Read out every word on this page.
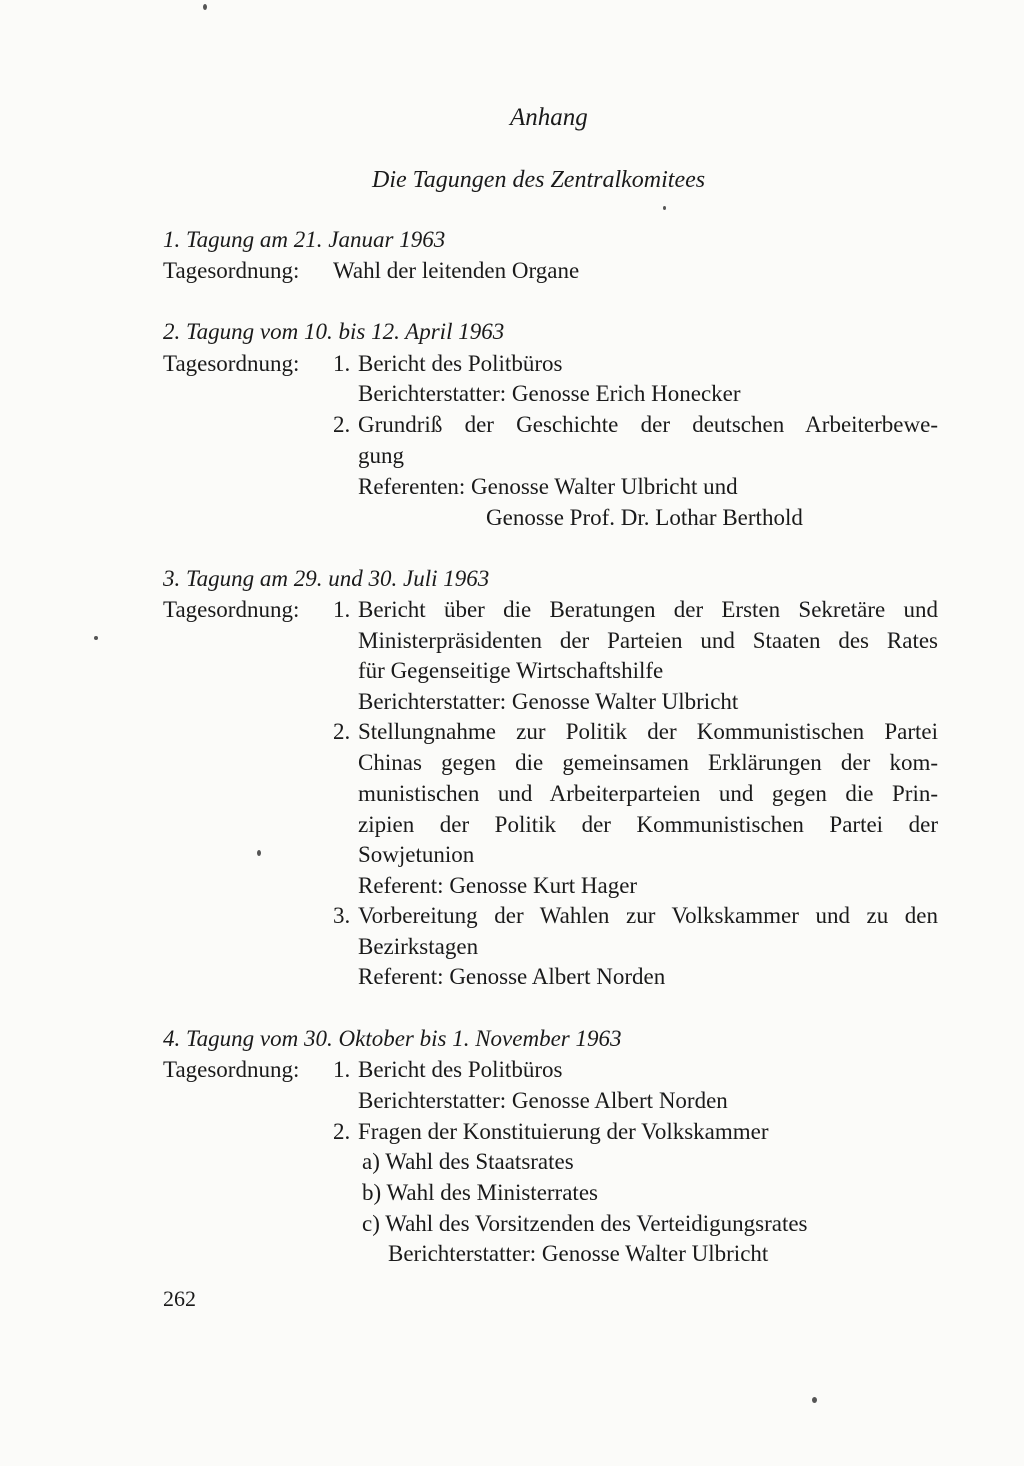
Anhang
Die Tagungen des Zentralkomitees
1. Tagung am 21. Januar 1963
Tagesordnung: Wahl der leitenden Organe
2. Tagung vom 10. bis 12. April 1963
Tagesordnung: 1. Bericht des Politbüros
Berichterstatter: Genosse Erich Honecker
2. Grundriß der Geschichte der deutschen Arbeiterbewe-
gung
Referenten: Genosse Walter Ulbricht und
Genosse Prof. Dr. Lothar Berthold
3. Tagung am 29. und 30. Juli 1963
Tagesordnung: 1. Bericht über die Beratungen der Ersten Sekretäre und
Ministerpräsidenten der Parteien und Staaten des Rates
für Gegenseitige Wirtschaftshilfe
Berichterstatter: Genosse Walter Ulbricht
2. Stellungnahme zur Politik der Kommunistischen Partei
Chinas gegen die gemeinsamen Erklärungen der kom-
munistischen und Arbeiterparteien und gegen die Prin-
zipien der Politik der Kommunistischen Partei der
Sowjetunion
Referent: Genosse Kurt Hager
3. Vorbereitung der Wahlen zur Volkskammer und zu den
Bezirkstagen
Referent: Genosse Albert Norden
4. Tagung vom 30. Oktober bis 1. November 1963
Tagesordnung: 1. Bericht des Politbüros
Berichterstatter: Genosse Albert Norden
2. Fragen der Konstituierung der Volkskammer
a) Wahl des Staatsrates
b) Wahl des Ministerrates
c) Wahl des Vorsitzenden des Verteidigungsrates
Berichterstatter: Genosse Walter Ulbricht
262
